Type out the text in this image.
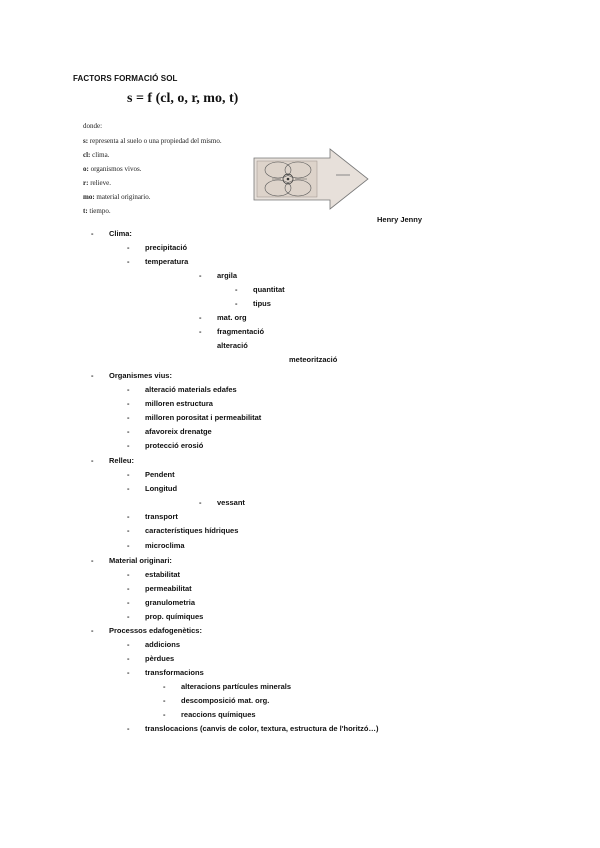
FACTORS FORMACIÓ SOL
s = f (cl, o, r, mo, t)
donde:
s: representa al suelo o una propiedad del mismo.
cl: clima.
o: organismos vivos.
r: relieve.
mo: material originario.
t: tiempo.
Henry Jenny
- Clima:
- precipitació
- temperatura
- argila
- quantitat
- tipus
- mat. org
- fragmentació
alteració
meteorització
- Organismes vius:
- alteració materials edafes
- milloren estructura
- milloren porositat i permeabilitat
- afavoreix drenatge
- protecció erosió
- Relleu:
- Pendent
- Longitud
- vessant
- transport
- característiques hídriques
- microclima
- Material originari:
- estabilitat
- permeabilitat
- granulometria
- prop. químiques
- Processos edafogenètics:
- addicions
- pèrdues
- transformacions
- alteracions partícules minerals
- descomposició mat. org.
- reaccions químiques
- translocacions (canvis de color, textura, estructura de l'horitzó…)
